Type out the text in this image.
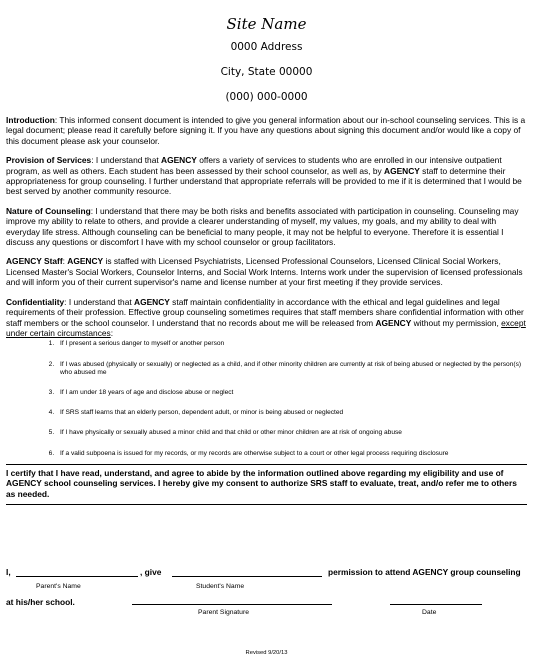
Site Name
0000 Address
City, State 00000
(000) 000-0000

Introduction: This informed consent document is intended to give you general information about our in-school counseling services. This is a legal document; please read it carefully before signing it. If you have any questions about signing this document and/or would like a copy of this document please ask your counselor.

Provision of Services: I understand that AGENCY offers a variety of services to students who are enrolled in our intensive outpatient program, as well as others. Each student has been assessed by their school counselor, as well as, by AGENCY staff to determine their appropriateness for group counseling. I further understand that appropriate referrals will be provided to me if it is determined that I would be best served by another community resource.

Nature of Counseling: I understand that there may be both risks and benefits associated with participation in counseling. Counseling may improve my ability to relate to others, and provide a clearer understanding of myself, my values, my goals, and my ability to deal with everyday life stress. Although counseling can be beneficial to many people, it may not be helpful to everyone. Therefore it is essential I discuss any questions or discomfort I have with my school counselor or group facilitators.

AGENCY Staff: AGENCY is staffed with Licensed Psychiatrists, Licensed Professional Counselors, Licensed Clinical Social Workers, Licensed Master's Social Workers, Counselor Interns, and Social Work Interns. Interns work under the supervision of licensed professionals and will inform you of their current supervisor's name and license number at your first meeting if they provide services.

Confidentiality: I understand that AGENCY staff maintain confidentiality in accordance with the ethical and legal guidelines and legal requirements of their profession. Effective group counseling sometimes requires that staff members share confidential information with other staff members or the school counselor. I understand that no records about me will be released from AGENCY without my permission, except under certain circumstances:

1. If I present a serious danger to myself or another person
2. If I was abused (physically or sexually) or neglected as a child, and if other minority children are currently at risk of being abused or neglected by the person(s) who abused me
3. If I am under 18 years of age and disclose abuse or neglect
4. If SRS staff learns that an elderly person, dependent adult, or minor is being abused or neglected
5. If I have physically or sexually abused a minor child and that child or other minor children are at risk of ongoing abuse
6. If a valid subpoena is issued for my records, or my records are otherwise subject to a court or other legal process requiring disclosure
I certify that I have read, understand, and agree to abide by the information outlined above regarding my eligibility and use of AGENCY school counseling services. I hereby give my consent to authorize SRS staff to evaluate, treat, and/o refer me to others as needed.
I,	, give	permission to attend AGENCY group counseling
Parent's Name	Student's Name
at his/her school.
Parent Signature	Date
Revised 9/20/13
